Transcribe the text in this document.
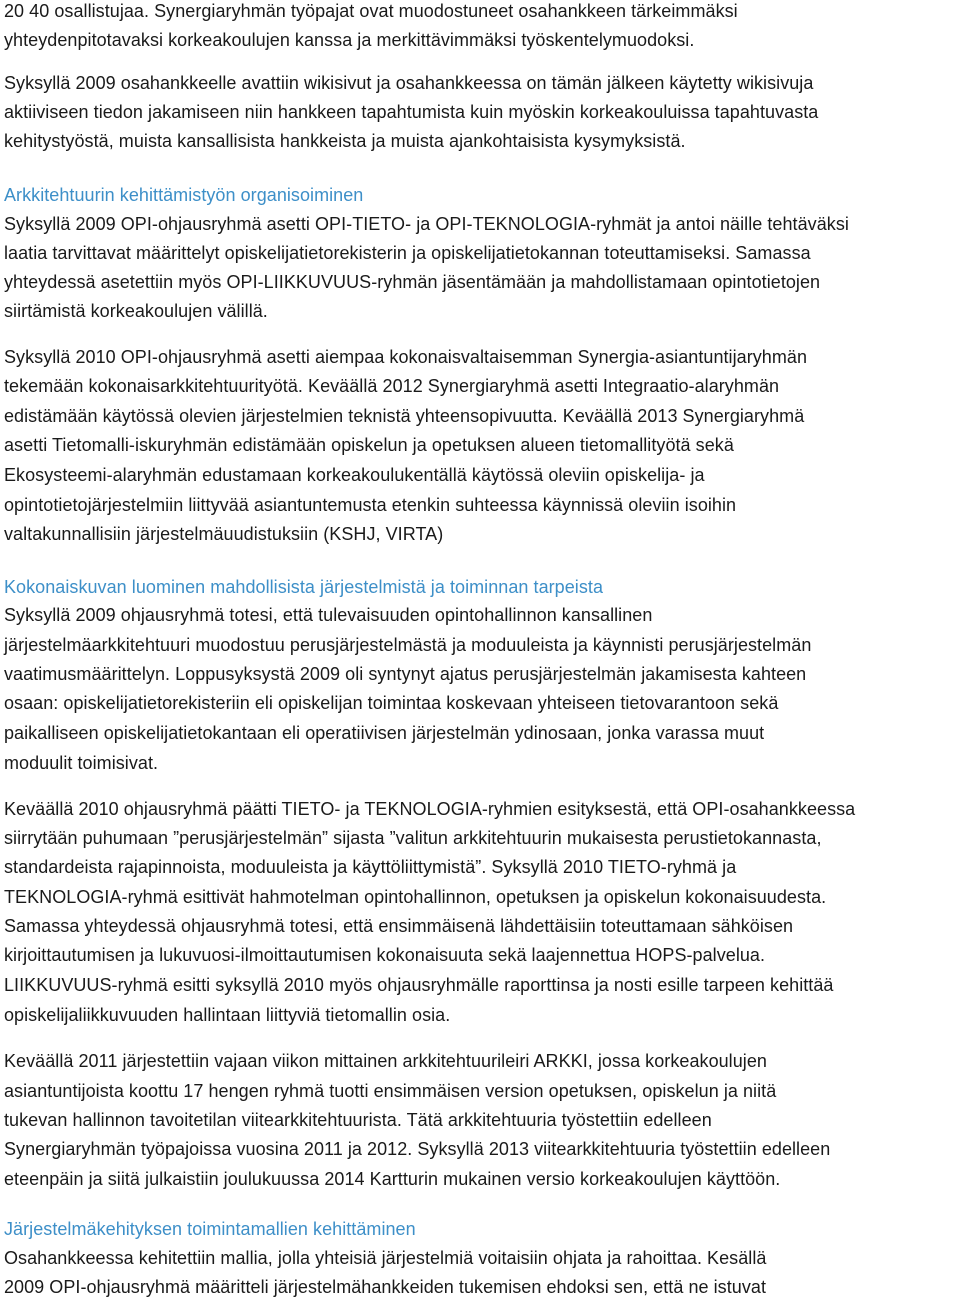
20 40 osallistujaa. Synergiaryhmän työpajat ovat muodostuneet osahankkeen tärkeimmäksi
yhteydenpitotavaksi korkeakoulujen kanssa ja merkittävimmäksi työskentelymuodoksi.
Syksyllä 2009 osahankkeelle avattiin wikisivut ja osahankkeessa on tämän jälkeen käytetty wikisivuja
aktiiviseen tiedon jakamiseen niin hankkeen tapahtumista kuin myöskin korkeakouluissa tapahtuvasta
kehitystyöstä, muista kansallisista hankkeista ja muista ajankohtaisista kysymyksistä.
Arkkitehtuurin kehittämistyön organisoiminen
Syksyllä 2009 OPI-ohjausryhmä asetti OPI-TIETO- ja OPI-TEKNOLOGIA-ryhmät ja antoi näille tehtäväksi
laatia tarvittavat määrittelyt opiskelijatietorekisterin ja opiskelijatietokannan toteuttamiseksi. Samassa
yhteydessä asetettiin myös OPI-LIIKKUVUUS-ryhmän jäsentämään ja mahdollistamaan opintotietojen
siirtämistä korkeakoulujen välillä.
Syksyllä 2010 OPI-ohjausryhmä asetti aiempaa kokonaisvaltaisemman Synergia-asiantuntijaryhmän
tekemään kokonaisarkkitehtuurityötä. Keväällä 2012 Synergiaryhmä asetti Integraatio-alaryhmän
edistämään käytössä olevien järjestelmien teknistä yhteensopivuutta. Keväällä 2013 Synergiaryhmä
asetti Tietomalli-iskuryhmän edistämään opiskelun ja opetuksen alueen tietomallityötä sekä
Ekosysteemi-alaryhmän edustamaan korkeakoulukentällä käytössä oleviin opiskelija- ja
opintotietojärjestelmiin liittyvää asiantuntemusta etenkin suhteessa käynnissä oleviin isoihin
valtakunnallisiin järjestelmäuudistuksiin (KSHJ, VIRTA)
Kokonaiskuvan luominen mahdollisista järjestelmistä ja toiminnan tarpeista
Syksyllä 2009 ohjausryhmä totesi, että tulevaisuuden opintohallinnon kansallinen
järjestelmäarkkitehtuuri muodostuu perusjärjestelmästä ja moduuleista ja käynnisti perusjärjestelmän
vaatimusmäärittelyn. Loppusyksystä 2009 oli syntynyt ajatus perusjärjestelmän jakamisesta kahteen
osaan: opiskelijatietorekisteriin eli opiskelijan toimintaa koskevaan yhteiseen tietovarantoon sekä
paikalliseen opiskelijatietokantaan eli operatiivisen järjestelmän ydinosaan, jonka varassa muut
moduulit toimisivat.
Keväällä 2010 ohjausryhmä päätti TIETO- ja TEKNOLOGIA-ryhmien esityksestä, että OPI-osahankkeessa
siirrytään puhumaan ”perusjärjestelmän” sijasta ”valitun arkkitehtuurin mukaisesta perustietokannasta,
standardeista rajapinnoista, moduuleista ja käyttöliittymistä”. Syksyllä 2010 TIETO-ryhmä ja
TEKNOLOGIA-ryhmä esittivät hahmotelman opintohallinnon, opetuksen ja opiskelun kokonaisuudesta.
Samassa yhteydessä ohjausryhmä totesi, että ensimmäisenä lähdettäisiin toteuttamaan sähköisen
kirjoittautumisen ja lukuvuosi-ilmoittautumisen kokonaisuuta sekä laajennettua HOPS-palvelua.
LIIKKUVUUS-ryhmä esitti syksyllä 2010 myös ohjausryhmälle raporttinsa ja nosti esille tarpeen kehittää
opiskelijaliikkuvuuden hallintaan liittyviä tietomallin osia.
Keväällä 2011 järjestettiin vajaan viikon mittainen arkkitehtuurileiri ARKKI, jossa korkeakoulujen
asiantuntijoista koottu 17 hengen ryhmä tuotti ensimmäisen version opetuksen, opiskelun ja niitä
tukevan hallinnon tavoitetilan viitearkkitehtuurista. Tätä arkkitehtuuria työstettiin edelleen
Synergiaryhmän työpajoissa vuosina 2011 ja 2012. Syksyllä 2013 viitearkkitehtuuria työstettiin edelleen
eteenpäin ja siitä julkaistiin joulukuussa 2014 Kartturin mukainen versio korkeakoulujen käyttöön.
Järjestelmäkehityksen toimintamallien kehittäminen
Osahankkeessa kehitettiin mallia, jolla yhteisiä järjestelmiä voitaisiin ohjata ja rahoittaa. Kesällä
2009 OPI-ohjausryhmä määritteli järjestelmähankkeiden tukemisen ehdoksi sen, että ne istuvat
